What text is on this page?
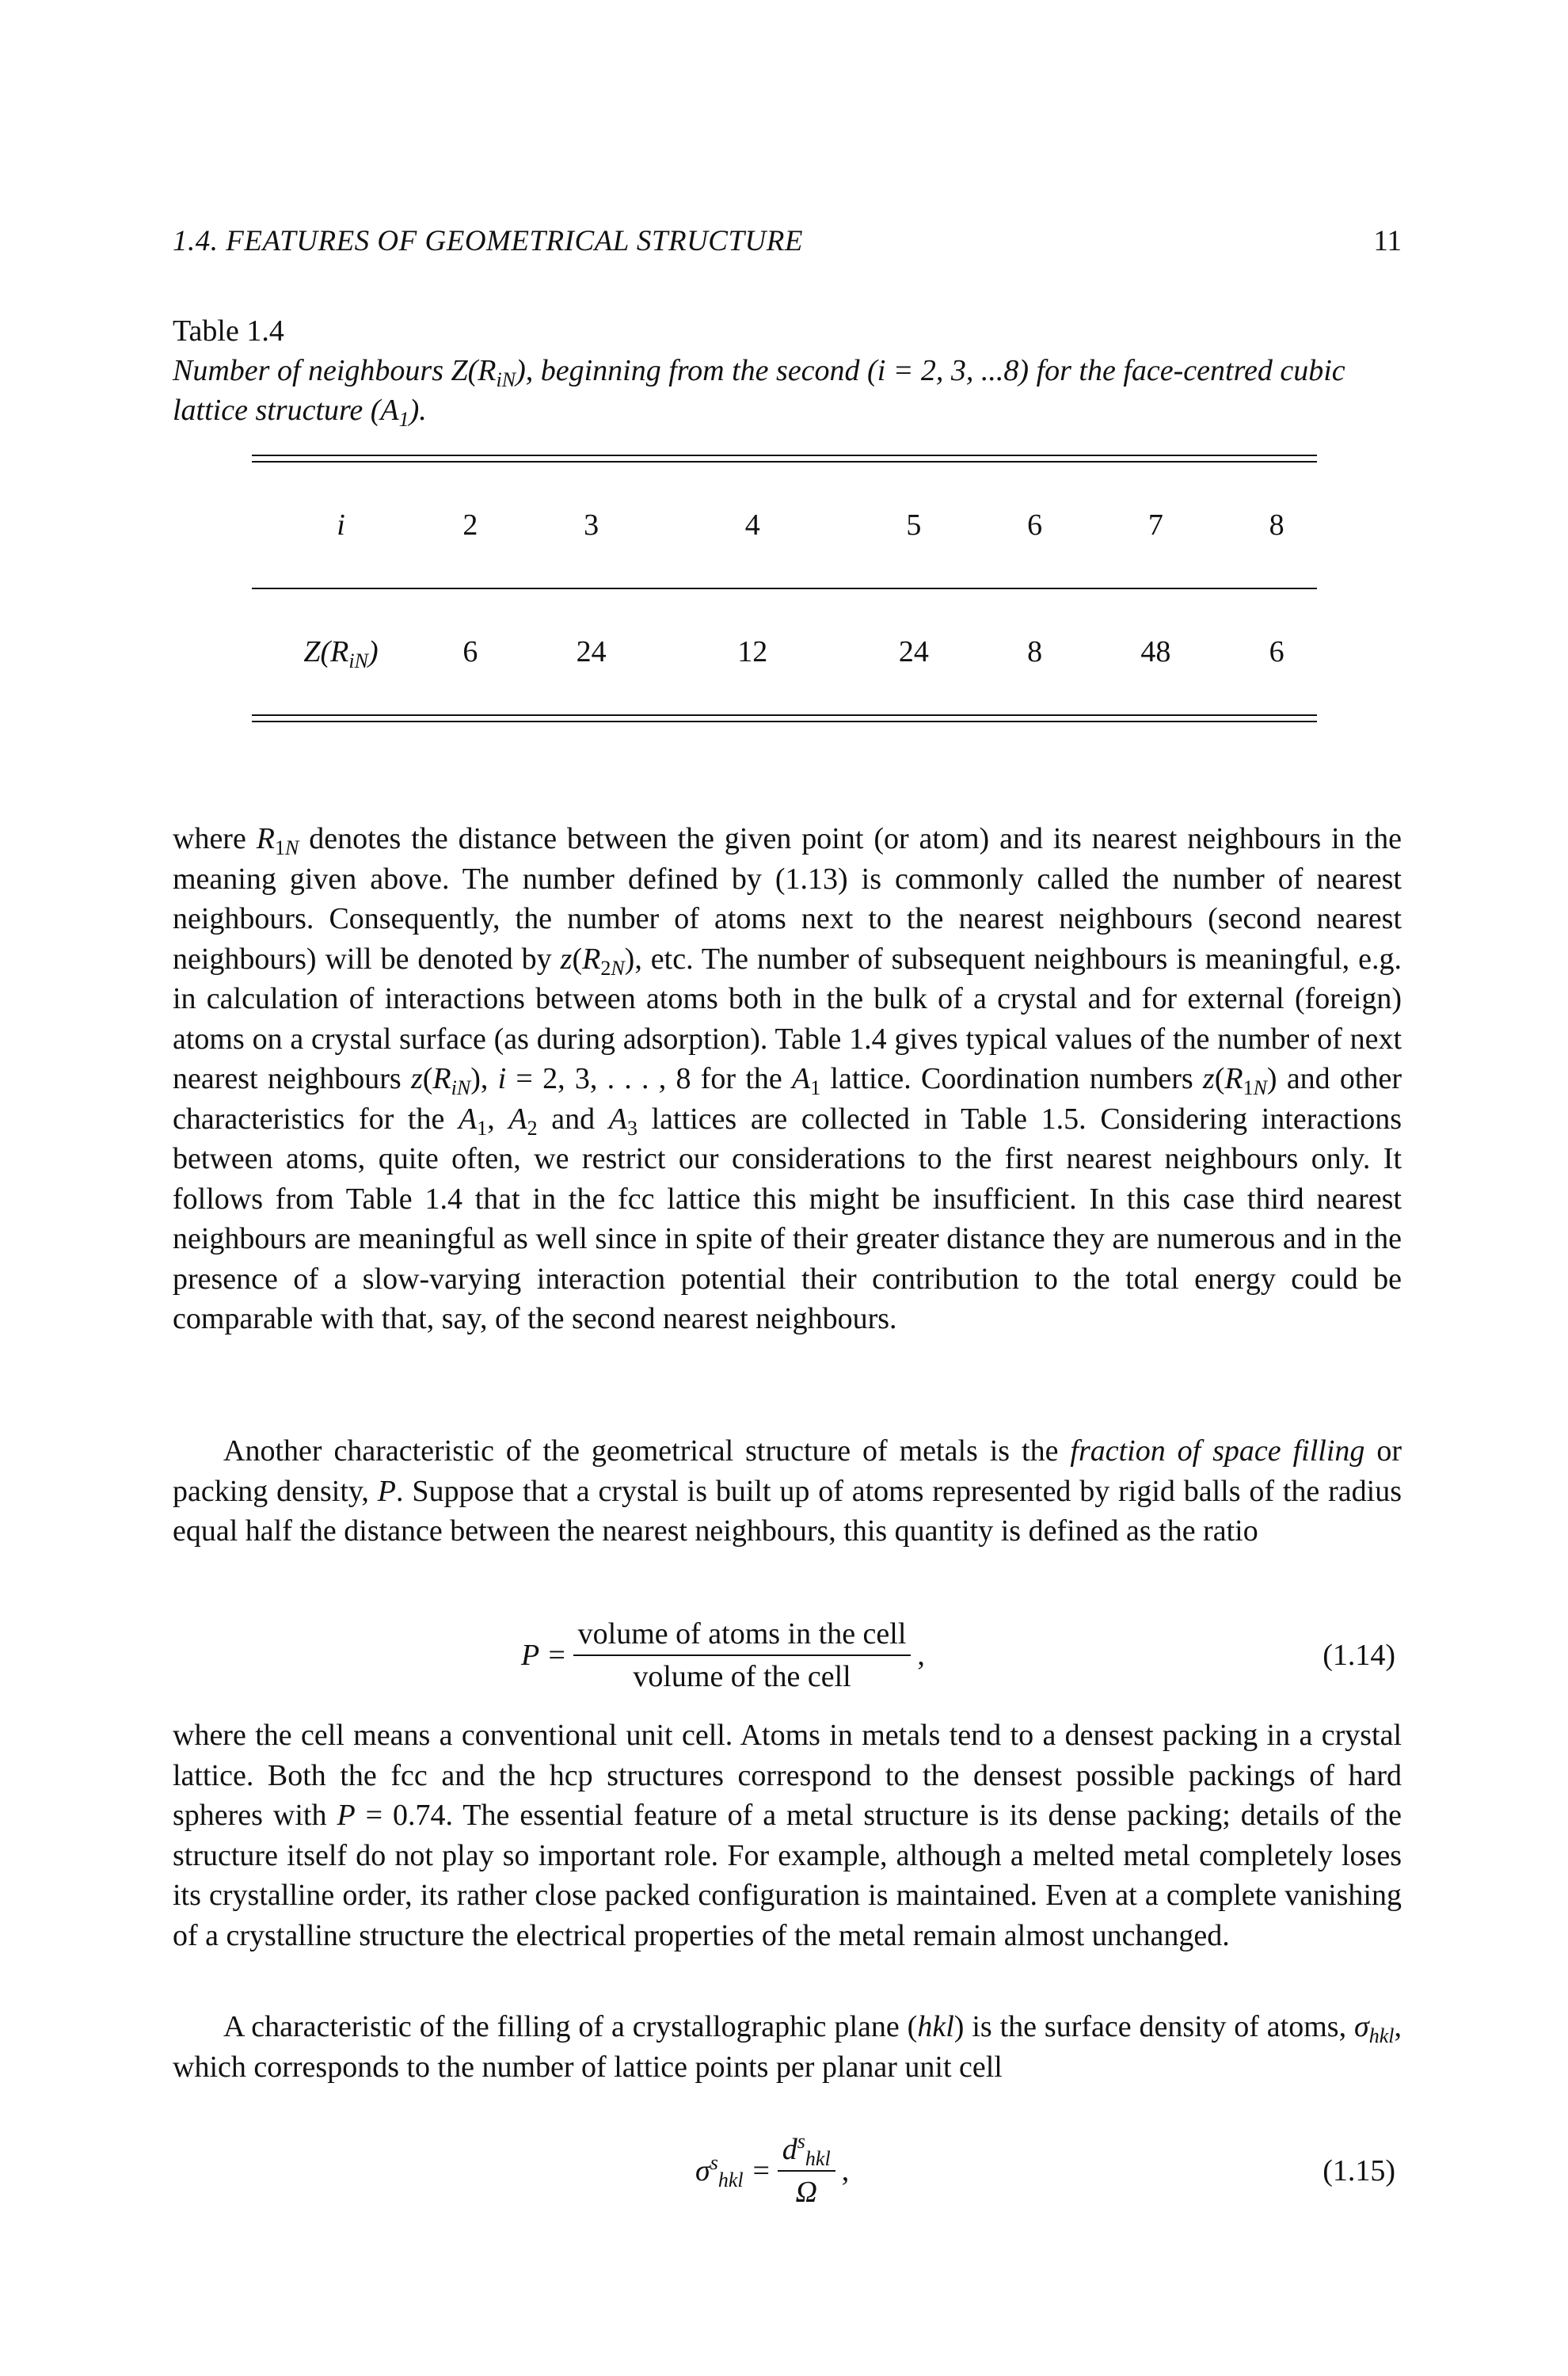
1.4. FEATURES OF GEOMETRICAL STRUCTURE	11
Table 1.4
Number of neighbours $Z(R_{iN})$, beginning from the second (i = 2, 3, ...8) for the face-centred cubic lattice structure $(A_1)$.
i	2	3	4	5	6	7	8

$Z(R_{iN})$	6	24	12	24	8	48	6

where $R_{1N}$ denotes the distance between the given point (or atom) and its nearest neighbours in the meaning given above. The number defined by (1.13) is commonly called the number of nearest neighbours. Consequently, the number of atoms next to the nearest neighbours (second nearest neighbours) will be denoted by $z(R_{2N})$, etc. The number of subsequent neighbours is meaningful, e.g. in calculation of interactions between atoms both in the bulk of a crystal and for external (foreign) atoms on a crystal surface (as during adsorption). Table 1.4 gives typical values of the number of next nearest neighbours $z(R_{iN})$, i = 2, 3, . . . , 8 for the $A_1$ lattice. Coordination numbers $z(R_{1N})$ and other characteristics for the $A_1$, $A_2$ and $A_3$ lattices are collected in Table 1.5. Considering interactions between atoms, quite often, we restrict our considerations to the first nearest neighbours only. It follows from Table 1.4 that in the fcc lattice this might be insufficient. In this case third nearest neighbours are meaningful as well since in spite of their greater distance they are numerous and in the presence of a slow-varying interaction potential their contribution to the total energy could be comparable with that, say, of the second nearest neighbours.

Another characteristic of the geometrical structure of metals is the fraction of space filling or packing density, P. Suppose that a crystal is built up of atoms represented by rigid balls of the radius equal half the distance between the nearest neighbours, this quantity is defined as the ratio

$P = \frac{\text{volume of atoms in the cell}}{\text{volume of the cell}}$ ,	(1.14)

where the cell means a conventional unit cell. Atoms in metals tend to a densest packing in a crystal lattice. Both the fcc and the hcp structures correspond to the densest possible packings of hard spheres with P = 0.74. The essential feature of a metal structure is its dense packing; details of the structure itself do not play so important role. For example, although a melted metal completely loses its crystalline order, its rather close packed configuration is maintained. Even at a complete vanishing of a crystalline structure the electrical properties of the metal remain almost unchanged.

A characteristic of the filling of a crystallographic plane (hkl) is the surface density of atoms, $\sigma_{hkl}$, which corresponds to the number of lattice points per planar unit cell

$\sigma^s_{hkl} = \frac{d^s_{hkl}}{\Omega}$ ,	(1.15)
